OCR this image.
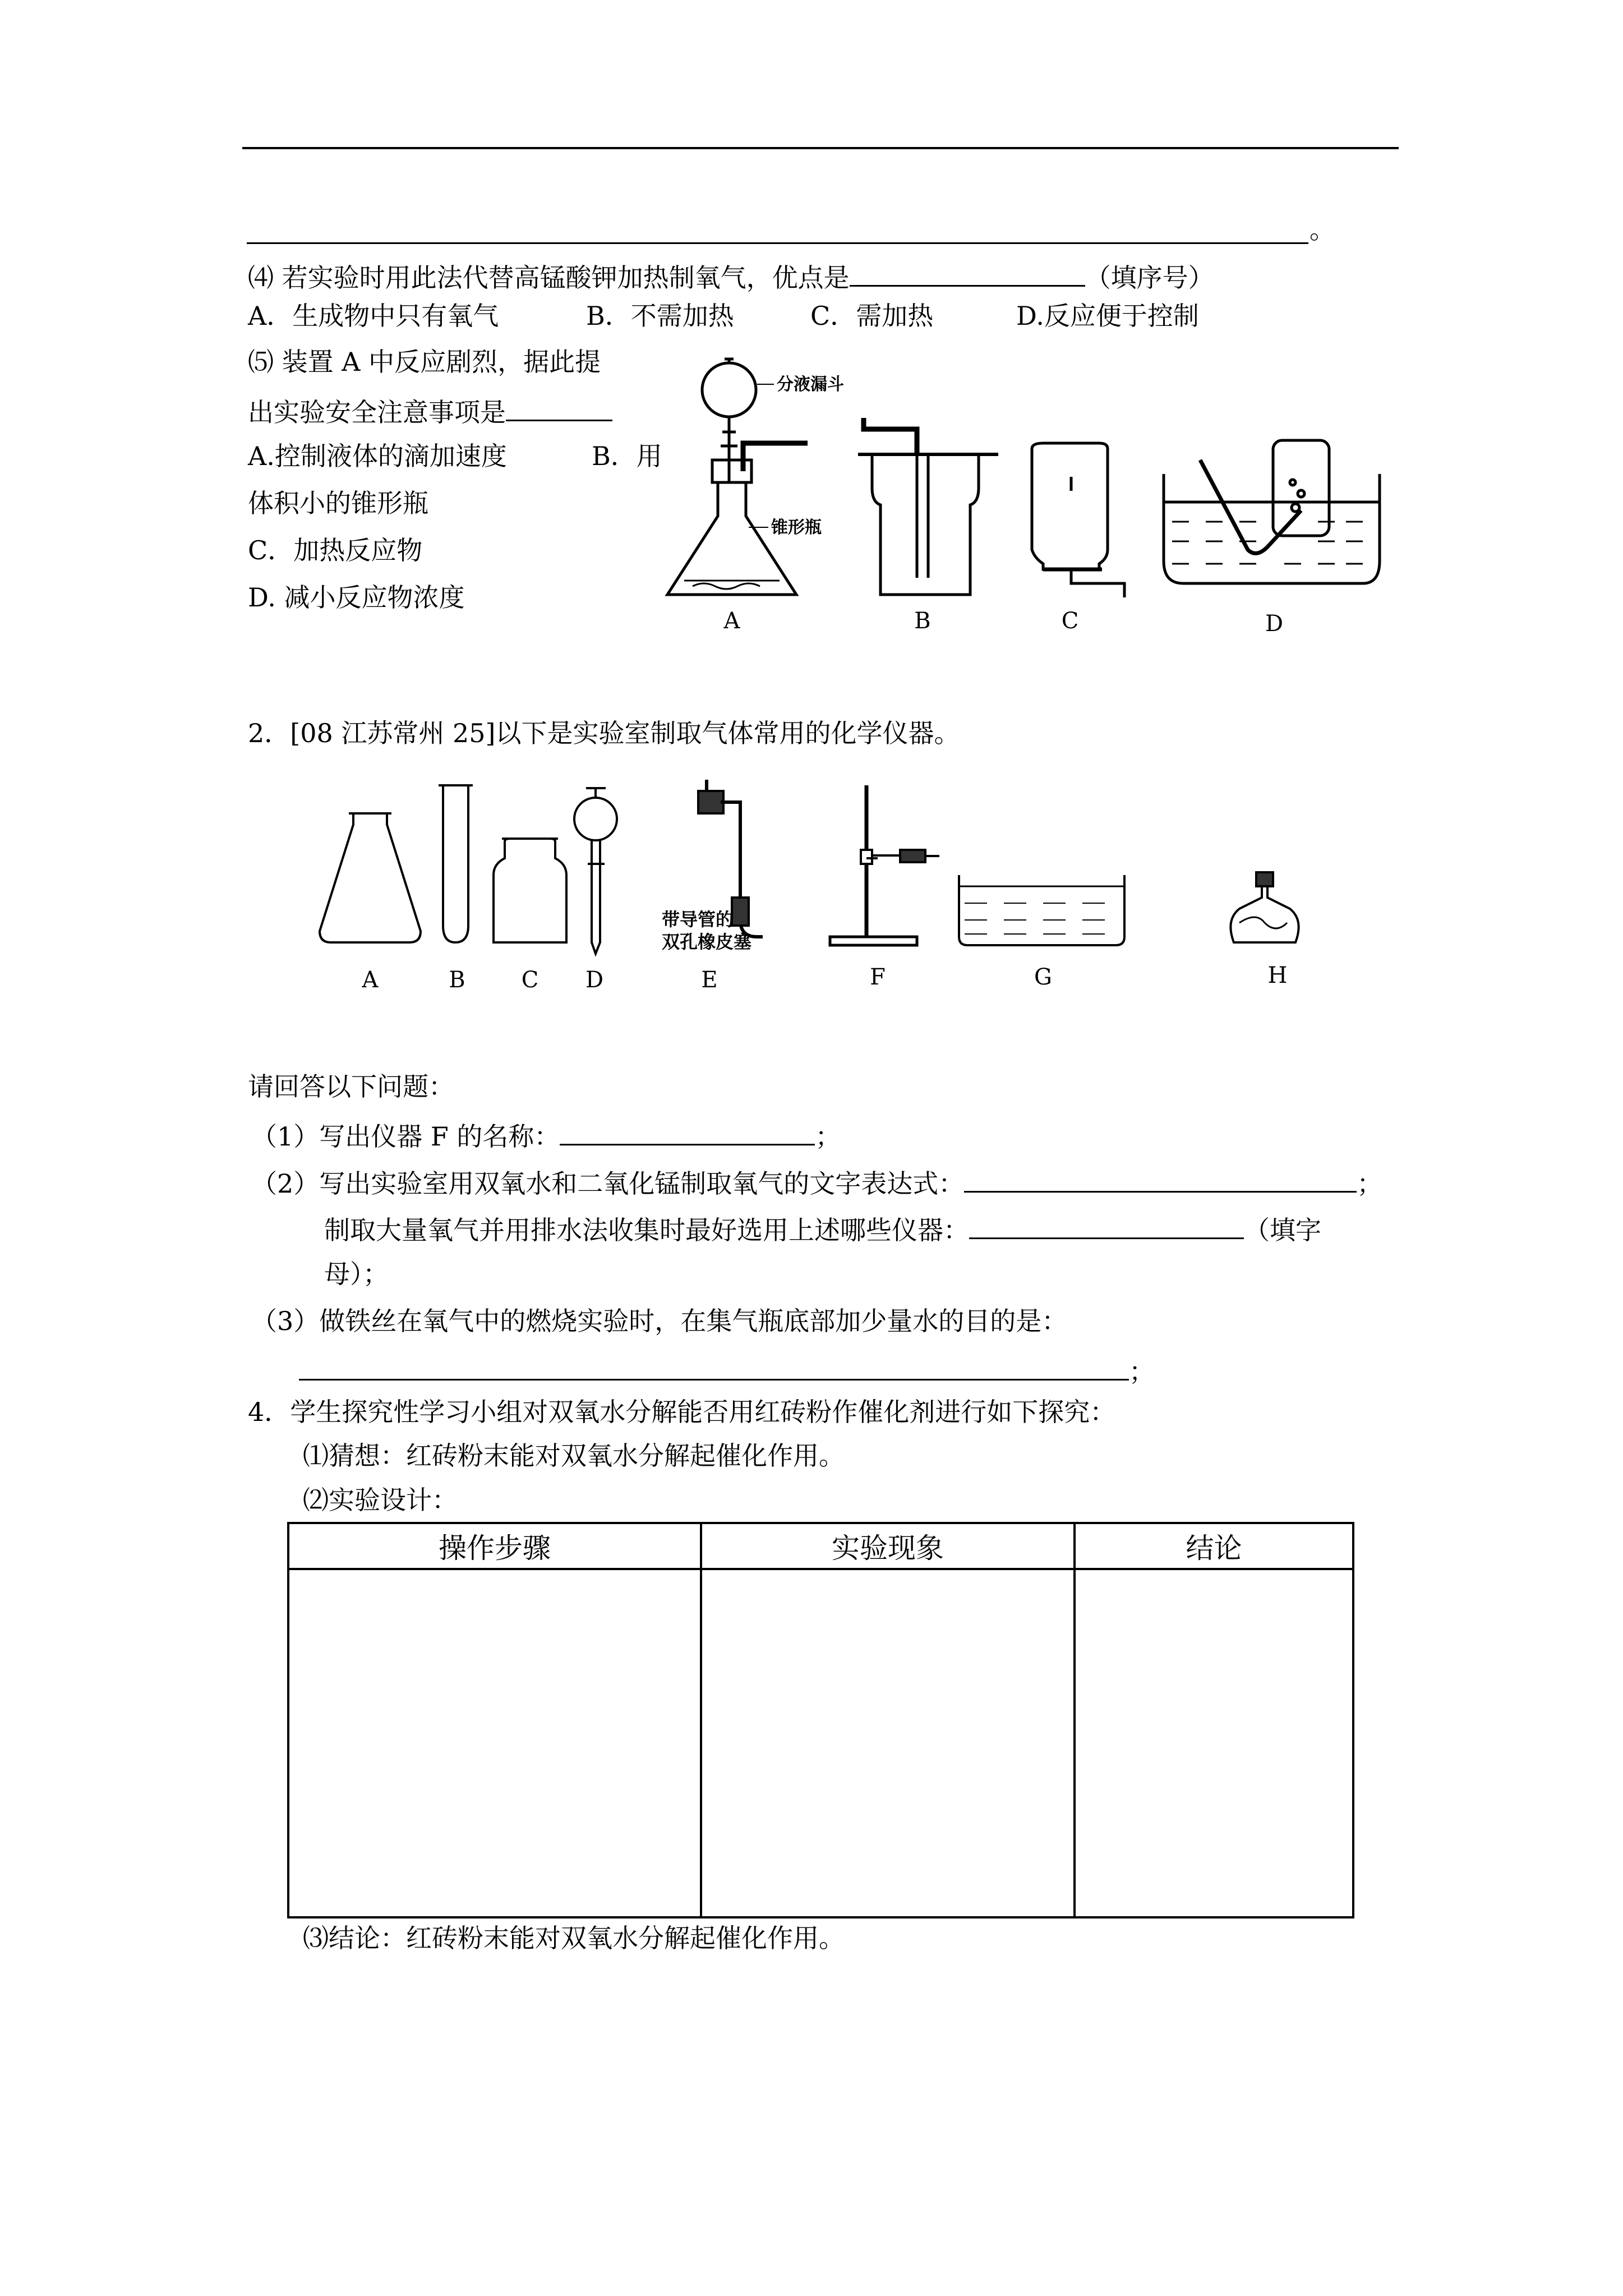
。
⑷ 若实验时用此法代替高锰酸钾加热制氧气，优点是	（填序号）
A．生成物中只有氧气	B．不需加热	C．需加热	D.反应便于控制
⑸ 装置 A 中反应剧烈，据此提
出实验安全注意事项是
A.控制液体的滴加速度	B．用
体积小的锥形瓶
C．加热反应物
D. 减小反应物浓度
分液漏斗
锥形瓶
A	B	C	D
2．[08 江苏常州 25]以下是实验室制取气体常用的化学仪器。
带导管的
双孔橡皮塞
A	B C D	E	F	G	H
请回答以下问题：
（1）写出仪器 F 的名称：	；
（2）写出实验室用双氧水和二氧化锰制取氧气的文字表达式：	；
制取大量氧气并用排水法收集时最好选用上述哪些仪器：	（填字
母）；
（3）做铁丝在氧气中的燃烧实验时，在集气瓶底部加少量水的目的是：
；
4．学生探究性学习小组对双氧水分解能否用红砖粉作催化剂进行如下探究：
⑴猜想：红砖粉末能对双氧水分解起催化作用。
⑵实验设计：
操作步骤	实验现象	结论

⑶结论：红砖粉末能对双氧水分解起催化作用。
